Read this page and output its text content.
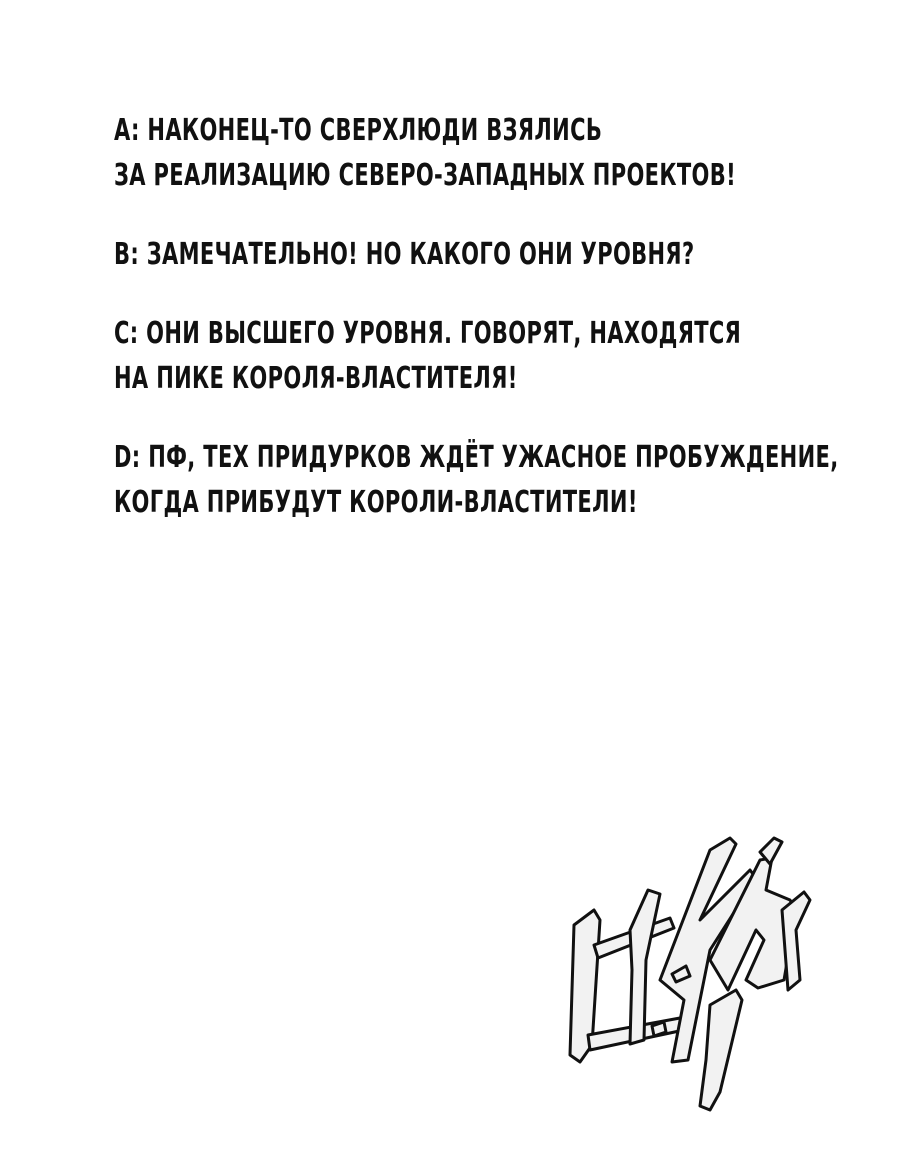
A: НАКОНЕЦ-ТО СВЕРХЛЮДИ ВЗЯЛИСЬ
ЗА РЕАЛИЗАЦИЮ СЕВЕРО-ЗАПАДНЫХ ПРОЕКТОВ!
B: ЗАМЕЧАТЕЛЬНО! НО КАКОГО ОНИ УРОВНЯ?
C: ОНИ ВЫСШЕГО УРОВНЯ. ГОВОРЯТ, НАХОДЯТСЯ
НА ПИКЕ КОРОЛЯ-ВЛАСТИТЕЛЯ!
D: ПФ, ТЕХ ПРИДУРКОВ ЖДЁТ УЖАСНОЕ ПРОБУЖДЕНИЕ,
КОГДА ПРИБУДУТ КОРОЛИ-ВЛАСТИТЕЛИ!
